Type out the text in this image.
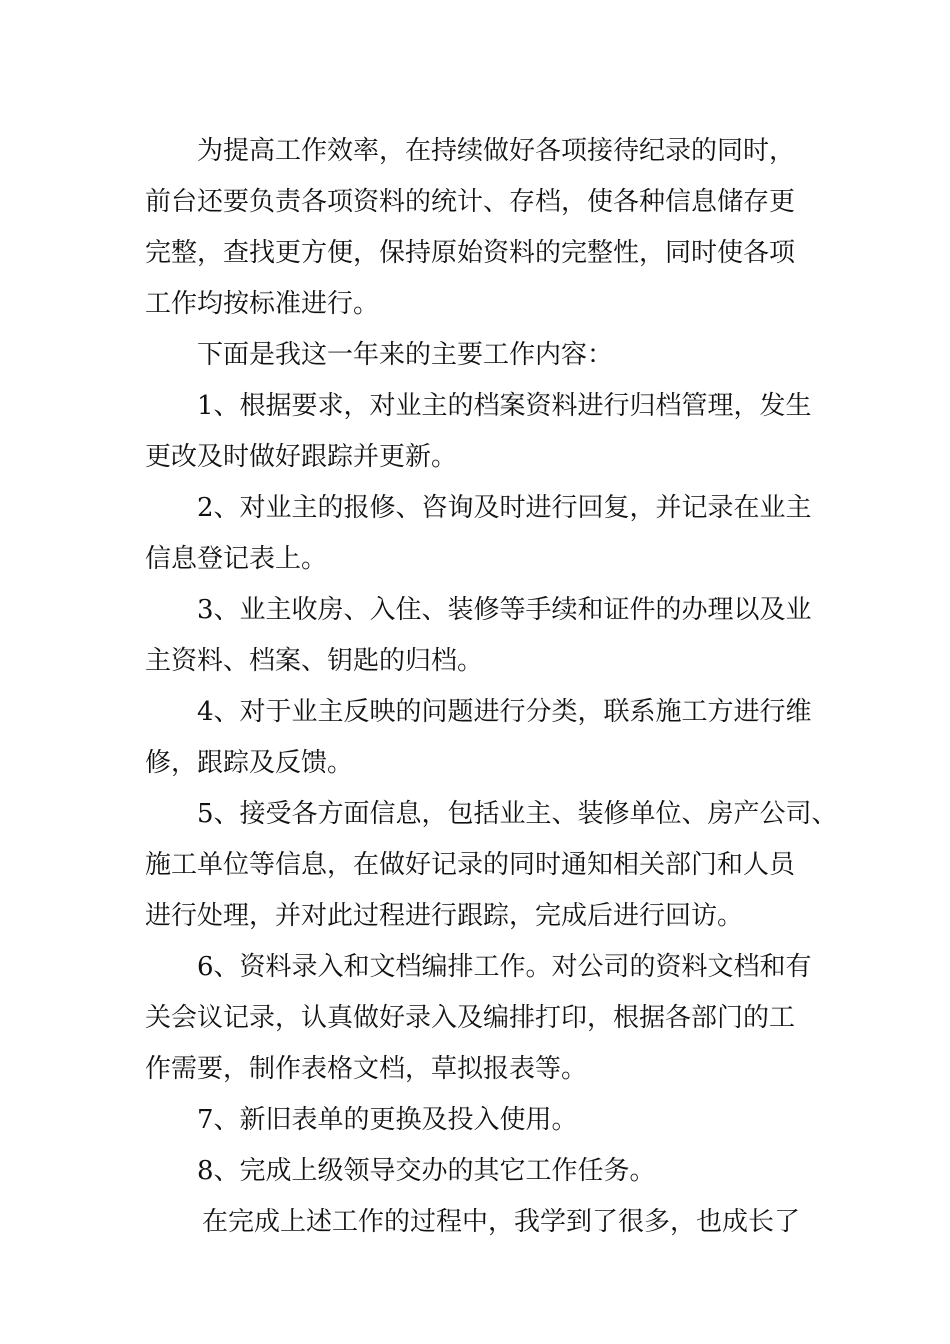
为提高工作效率，在持续做好各项接待纪录的同时，
前台还要负责各项资料的统计、存档，使各种信息储存更
完整，查找更方便，保持原始资料的完整性，同时使各项
工作均按标准进行。
下面是我这一年来的主要工作内容：
1、根据要求，对业主的档案资料进行归档管理，发生
更改及时做好跟踪并更新。
2、对业主的报修、咨询及时进行回复，并记录在业主
信息登记表上。
3、业主收房、入住、装修等手续和证件的办理以及业
主资料、档案、钥匙的归档。
4、对于业主反映的问题进行分类，联系施工方进行维
修，跟踪及反馈。
5、接受各方面信息，包括业主、装修单位、房产公司、
施工单位等信息，在做好记录的同时通知相关部门和人员
进行处理，并对此过程进行跟踪，完成后进行回访。
6、资料录入和文档编排工作。对公司的资料文档和有
关会议记录，认真做好录入及编排打印，根据各部门的工
作需要，制作表格文档，草拟报表等。
7、新旧表单的更换及投入使用。
8、完成上级领导交办的其它工作任务。
在完成上述工作的过程中，我学到了很多，也成长了
